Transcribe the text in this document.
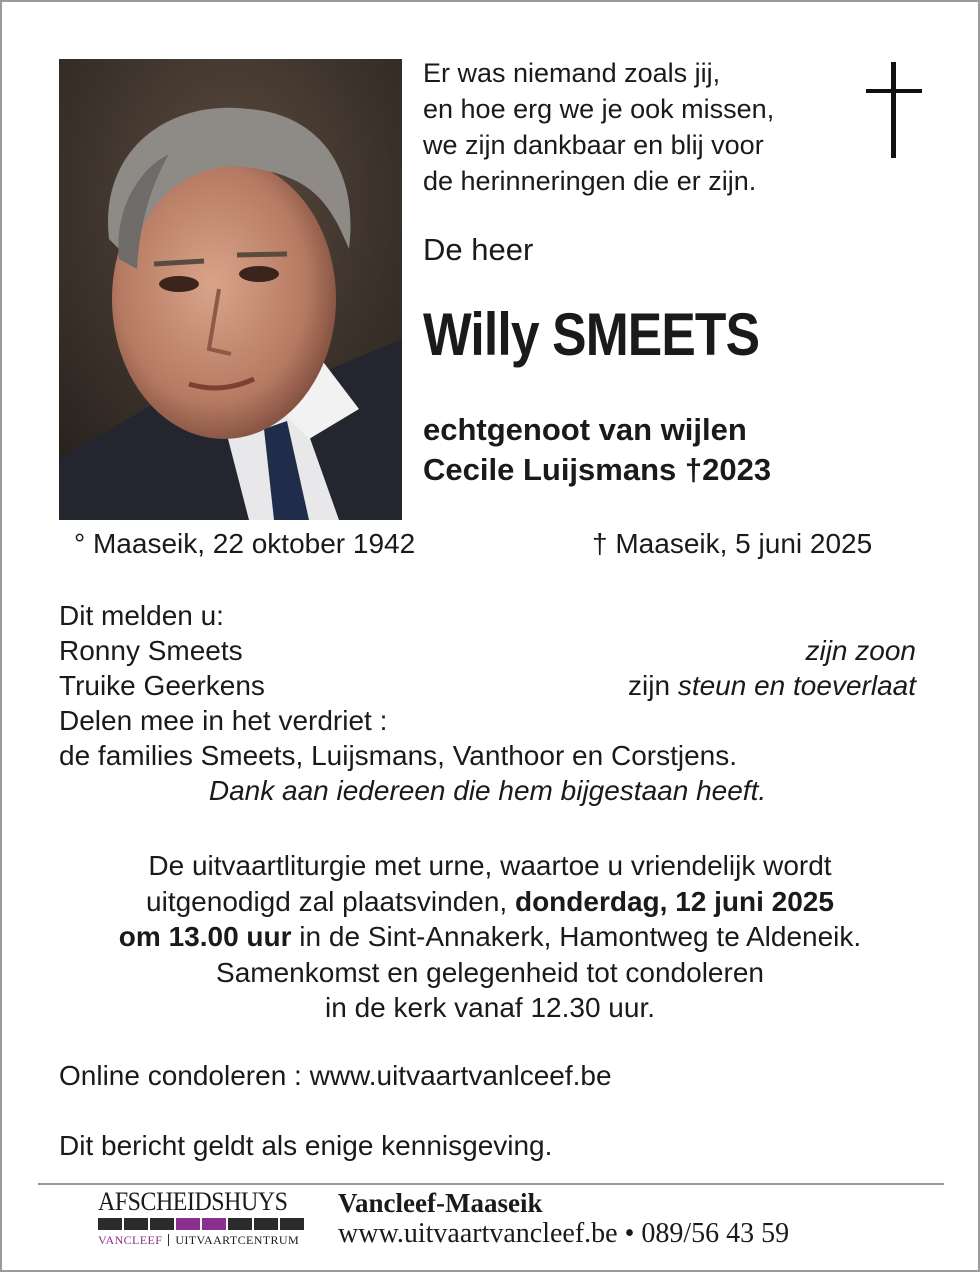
Er was niemand zoals jij,
en hoe erg we je ook missen,
we zijn dankbaar en blij voor
de herinneringen die er zijn.
De heer
Willy SMEETS
echtgenoot van wijlen
Cecile Luijsmans †2023
° Maaseik, 22 oktober 1942	† Maaseik, 5 juni 2025
Dit melden u:
Ronny Smeets	zijn zoon
Truike Geerkens	zijn steun en toeverlaat
Delen mee in het verdriet :
de families Smeets, Luijsmans, Vanthoor en Corstjens.
Dank aan iedereen die hem bijgestaan heeft.
De uitvaartliturgie met urne, waartoe u vriendelijk wordt
uitgenodigd zal plaatsvinden, donderdag, 12 juni 2025
om 13.00 uur in de Sint-Annakerk, Hamontweg te Aldeneik.
Samenkomst en gelegenheid tot condoleren
in de kerk vanaf 12.30 uur.
Online condoleren : www.uitvaartvanlceef.be
Dit bericht geldt als enige kennisgeving.
AFSCHEIDSHUYS
VANCLEEF UITVAARTCENTRUM
Vancleef-Maaseik
www.uitvaartvancleef.be • 089/56 43 59
